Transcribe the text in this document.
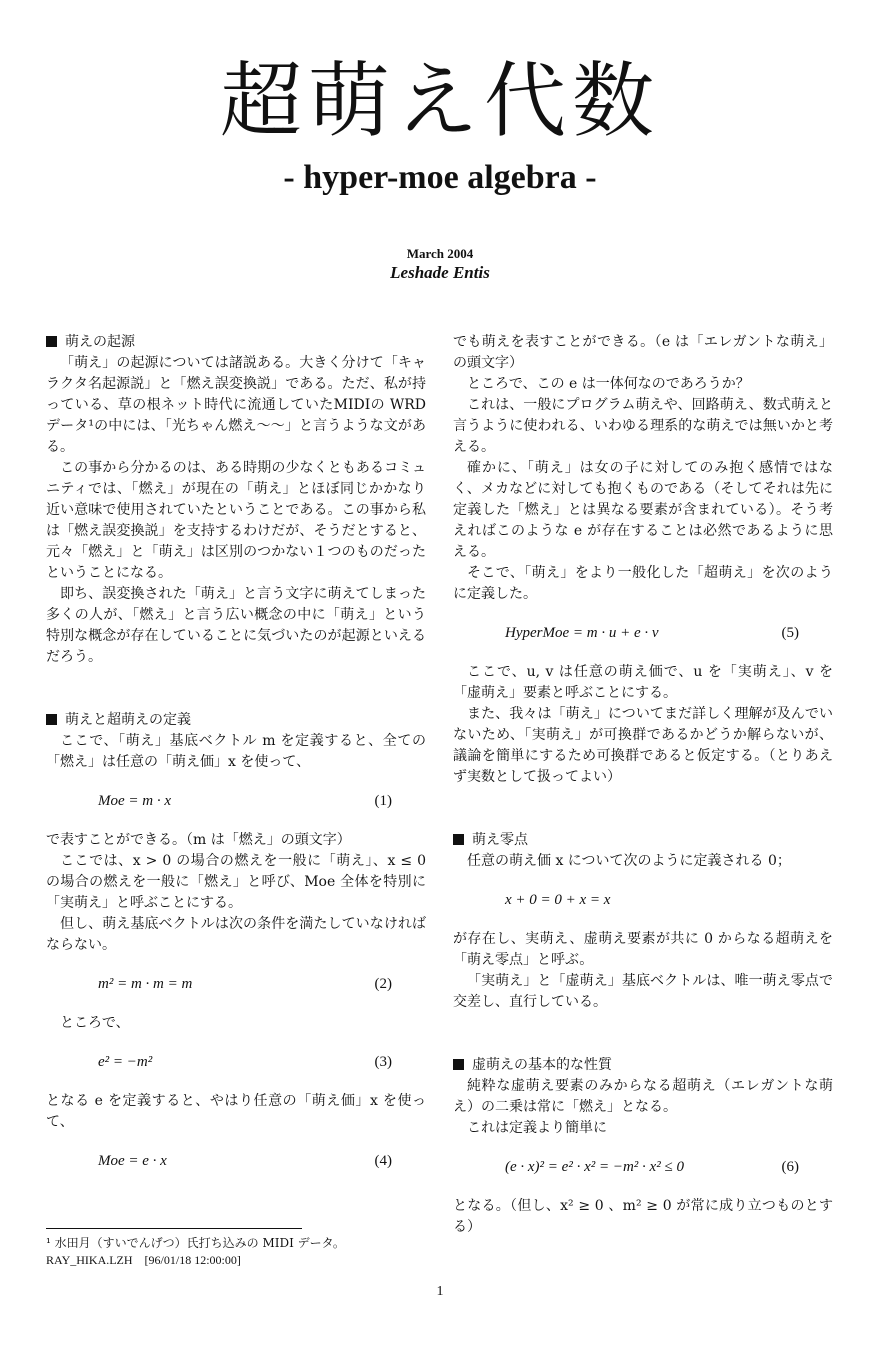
超萌え代数
- hyper-moe algebra -
March 2004
Leshade Entis
萌えの起源

「萌え」の起源については諸説ある。大きく分けて「キャラクタ名起源説」と「燃え誤変換説」である。ただ、私が持っている、草の根ネット時代に流通していたMIDIの WRD データ¹の中には、「光ちゃん燃え〜〜」と言うような文がある。

この事から分かるのは、ある時期の少なくともあるコミュニティでは、「燃え」が現在の「萌え」とほぼ同じかかなり近い意味で使用されていたということである。この事から私は「燃え誤変換説」を支持するわけだが、そうだとすると、元々「燃え」と「萌え」は区別のつかない１つのものだったということになる。

即ち、誤変換された「萌え」と言う文字に萌えてしまった多くの人が、「燃え」と言う広い概念の中に「萌え」という特別な概念が存在していることに気づいたのが起源といえるだろう。

萌えと超萌えの定義

ここで、「萌え」基底ベクトル m を定義すると、全ての「燃え」は任意の「萌え価」x を使って、

Moe = m · x	(1)

で表すことができる。（m は「燃え」の頭文字）

ここでは、x > 0 の場合の燃えを一般に「萌え」、x ≤ 0 の場合の燃えを一般に「燃え」と呼び、Moe 全体を特別に「実萌え」と呼ぶことにする。

但し、萌え基底ベクトルは次の条件を満たしていなければならない。

m² = m · m = m	(2)

ところで、

e² = −m²	(3)

となる e を定義すると、やはり任意の「萌え価」x を使って、

Moe = e · x	(4)

でも萌えを表すことができる。（e は「エレガントな萌え」の頭文字）

ところで、この e は一体何なのであろうか？

これは、一般にプログラム萌えや、回路萌え、数式萌えと言うように使われる、いわゆる理系的な萌えでは無いかと考える。

確かに、「萌え」は女の子に対してのみ抱く感情ではなく、メカなどに対しても抱くものである（そしてそれは先に定義した「燃え」とは異なる要素が含まれている）。そう考えればこのような e が存在することは必然であるように思える。

そこで、「萌え」をより一般化した「超萌え」を次のように定義した。

HyperMoe = m · u + e · v	(5)

ここで、u, v は任意の萌え価で、u を「実萌え」、v を「虚萌え」要素と呼ぶことにする。

また、我々は「萌え」についてまだ詳しく理解が及んでいないため、「実萌え」が可換群であるかどうか解らないが、議論を簡単にするため可換群であると仮定する。（とりあえず実数として扱ってよい）

萌え零点

任意の萌え価 x について次のように定義される 0；

x + 0 = 0 + x = x

が存在し、実萌え、虚萌え要素が共に 0 からなる超萌えを「萌え零点」と呼ぶ。

「実萌え」と「虚萌え」基底ベクトルは、唯一萌え零点で交差し、直行している。

虚萌えの基本的な性質

純粋な虚萌え要素のみからなる超萌え（エレガントな萌え）の二乗は常に「燃え」となる。

これは定義より簡単に

(e · x)² = e² · x² = −m² · x² ≤ 0	(6)

となる。（但し、x² ≥ 0 、m² ≥ 0 が常に成り立つものとする）

¹ 水田月（すいでんげつ）氏打ち込みの MIDI データ。
RAY_HIKA.LZH　[96/01/18 12:00:00]
1
